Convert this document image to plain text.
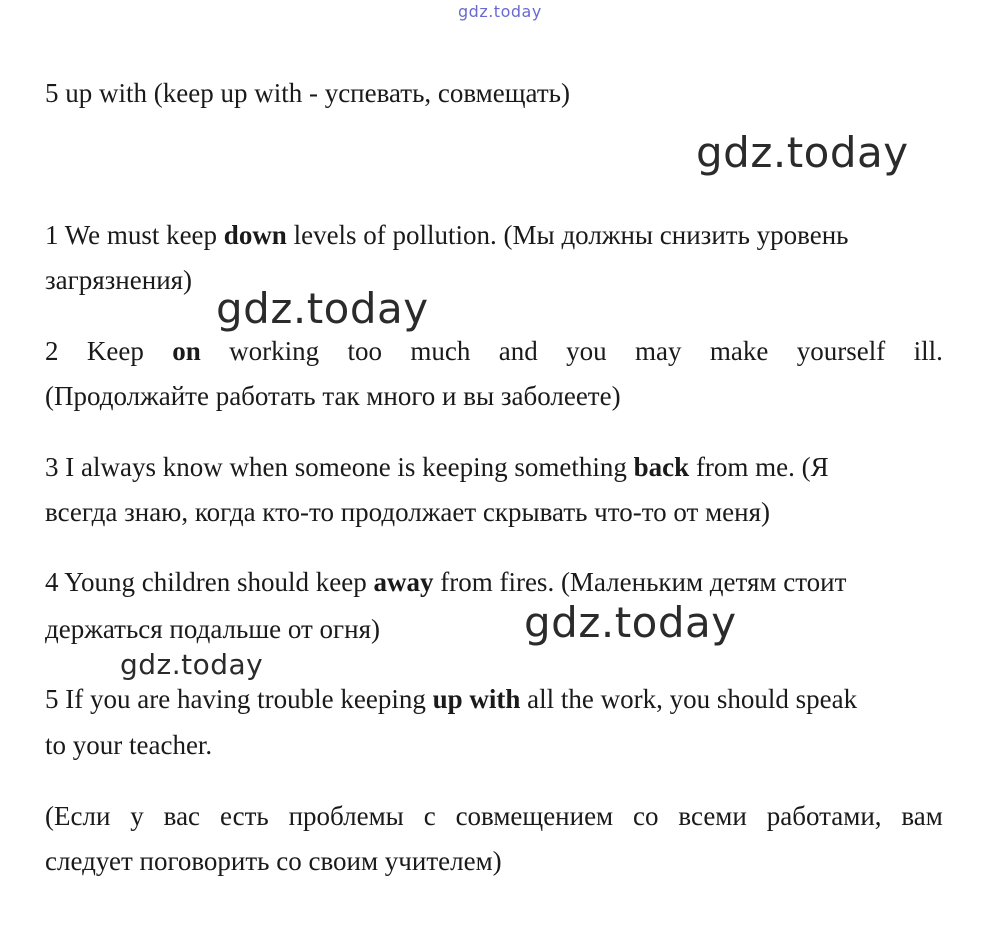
gdz.today
gdz.today
gdz.today
gdz.today
gdz.today
5 up with (keep up with - успевать, совмещать)
1 We must keep down levels of pollution. (Мы должны снизить уровень
загрязнения)
2 Keep on working too much and you may make yourself ill.
(Продолжайте работать так много и вы заболеете)
3 I always know when someone is keeping something back from me. (Я
всегда знаю, когда кто-то продолжает скрывать что-то от меня)
4 Young children should keep away from fires. (Маленьким детям стоит
держаться подальше от огня)
5 If you are having trouble keeping up with all the work, you should speak
to your teacher.
(Если у вас есть проблемы с совмещением со всеми работами, вам
следует поговорить со своим учителем)
